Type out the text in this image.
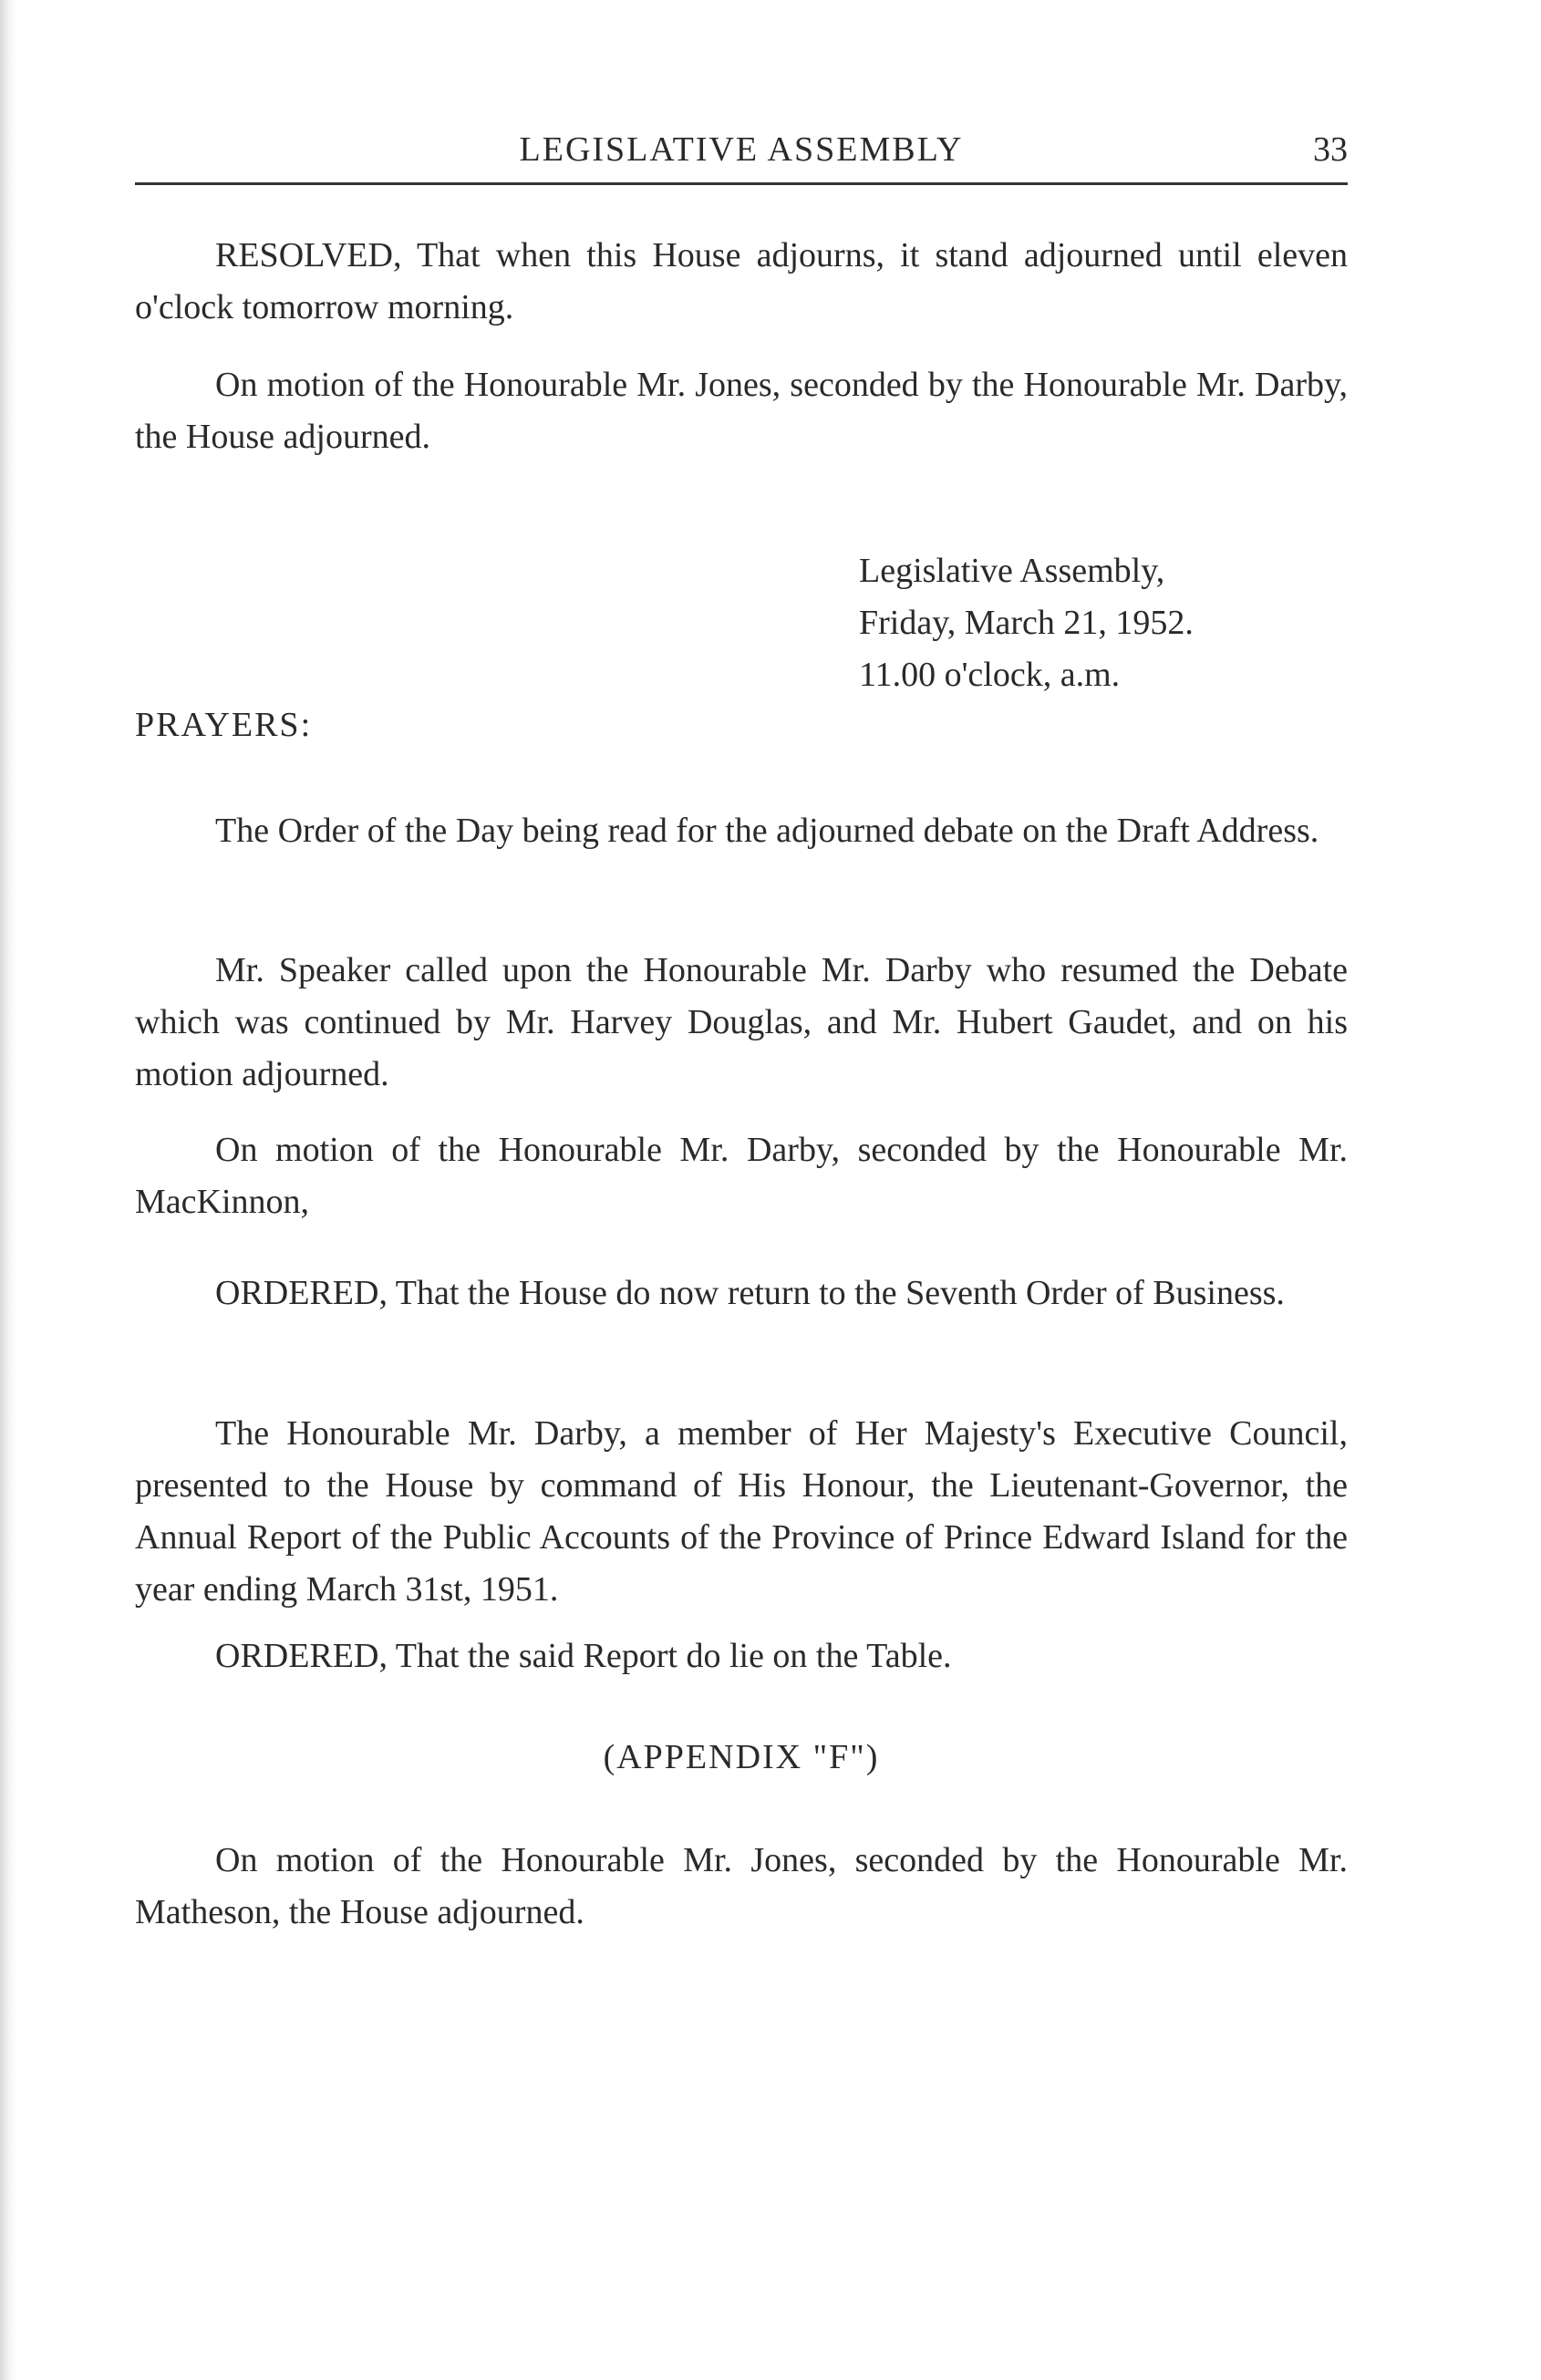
LEGISLATIVE ASSEMBLY	33

RESOLVED, That when this House adjourns, it stand adjourned until eleven o'clock tomorrow morning.

On motion of the Honourable Mr. Jones, seconded by the Honourable Mr. Darby, the House adjourned.

Legislative Assembly,
Friday, March 21, 1952.
11.00 o'clock, a.m.
PRAYERS:

The Order of the Day being read for the adjourned debate on the Draft Address.

Mr. Speaker called upon the Honourable Mr. Darby who resumed the Debate which was continued by Mr. Harvey Douglas, and Mr. Hubert Gaudet, and on his motion adjourned.

On motion of the Honourable Mr. Darby, seconded by the Honourable Mr. MacKinnon,

ORDERED, That the House do now return to the Seventh Order of Business.

The Honourable Mr. Darby, a member of Her Majesty's Executive Council, presented to the House by command of His Honour, the Lieutenant-Governor, the Annual Report of the Public Accounts of the Province of Prince Edward Island for the year ending March 31st, 1951.

ORDERED, That the said Report do lie on the Table.

(APPENDIX "F")

On motion of the Honourable Mr. Jones, seconded by the Honourable Mr. Matheson, the House adjourned.
